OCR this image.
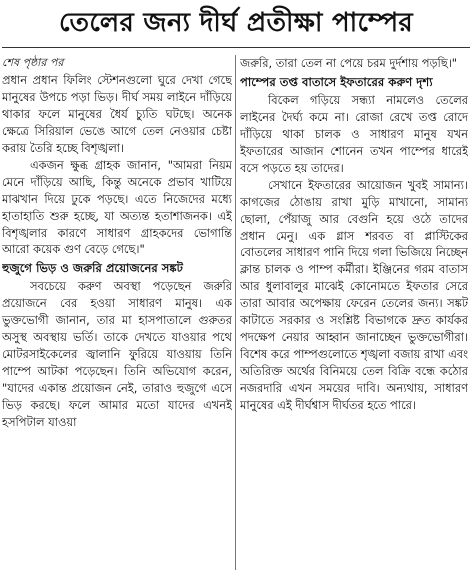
তেলের জন্য দীর্ঘ প্রতীক্ষা পাম্পের

শেষ পৃষ্ঠার পর

প্রধান প্রধান ফিলিং স্টেশনগুলো ঘুরে দেখা গেছে মানুষের উপচে পড়া ভিড়। দীর্ঘ সময় লাইনে দাঁড়িয়ে থাকার ফলে মানুষের ধৈর্য চ্যুতি ঘটছে। অনেক ক্ষেত্রে সিরিয়াল ভেঙে আগে তেল নেওয়ার চেষ্টা করায় তৈরি হচ্ছে বিশৃঙ্খলা।

একজন ক্ষুব্ধ গ্রাহক জানান, "আমরা নিয়ম মেনে দাঁড়িয়ে আছি, কিন্তু অনেকে প্রভাব খাটিয়ে মাঝখান দিয়ে ঢুকে পড়ছে। এতে নিজেদের মধ্যে হাতাহাতি শুরু হচ্ছে, যা অত্যন্ত হতাশাজনক। এই বিশৃঙ্খলার কারণে সাধারণ গ্রাহকদের ভোগান্তি আরো কয়েক গুণ বেড়ে গেছে।"

হুজুগে ভিড় ও জরুরি প্রয়োজনের সঙ্কট

সবচেয়ে করুণ অবস্থা পড়েছেন জরুরি প্রয়োজনে বের হওয়া সাধারণ মানুষ। এক ভুক্তভোগী জানান, তার মা হাসপাতালে গুরুতর অসুস্থ অবস্থায় ভর্তি। তাকে দেখতে যাওয়ার পথে মোটরসাইকেলের জ্বালানি ফুরিয়ে যাওয়ায় তিনি পাম্পে আটকা পড়েছেন। তিনি অভিযোগ করেন, "যাদের একান্ত প্রয়োজন নেই, তারাও হুজুগে এসে ভিড় করছে। ফলে আমার মতো যাদের এখনই হসপিটাল যাওয়া

জরুরি, তারা তেল না পেয়ে চরম দুর্দশায় পড়ছি।"

পাম্পের তপ্ত বাতাসে ইফতারের করুণ দৃশ্য

বিকেল গড়িয়ে সন্ধ্যা নামলেও তেলের লাইনের দৈর্ঘ্য কমে না। রোজা রেখে তপ্ত রোদে দাঁড়িয়ে থাকা চালক ও সাধারণ মানুষ যখন ইফতারের আজান শোনেন তখন পাম্পের ধারেই বসে পড়তে হয় তাদের।

সেখানে ইফতারের আয়োজন খুবই সামান্য। কাগজের ঠোঙায় রাখা মুড়ি মাখানো, সামান্য ছোলা, পেঁয়াজু আর বেগুনি হয়ে ওঠে তাদের প্রধান মেনু। এক গ্লাস শরবত বা প্লাস্টিকের বোতলের সাধারণ পানি দিয়ে গলা ভিজিয়ে নিচ্ছেন ক্লান্ত চালক ও পাম্প কর্মীরা। ইঞ্জিনের গরম বাতাস আর ধুলাবালুর মাঝেই কোনোমতে ইফতার সেরে তারা আবার অপেক্ষায় ফেরেন তেলের জন্য। সঙ্কট কাটাতে সরকার ও সংশ্লিষ্ট বিভাগকে দ্রুত কার্যকর পদক্ষেপ নেয়ার আহ্বান জানাচ্ছেন ভুক্তভোগীরা। বিশেষ করে পাম্পগুলোতে শৃঙ্খলা বজায় রাখা এবং অতিরিক্ত অর্থের বিনিময়ে তেল বিক্রি বন্ধে কঠোর নজরদারি এখন সময়ের দাবি। অন্যথায়, সাধারণ মানুষের এই দীর্ঘশ্বাস দীর্ঘতর হতে পারে।
